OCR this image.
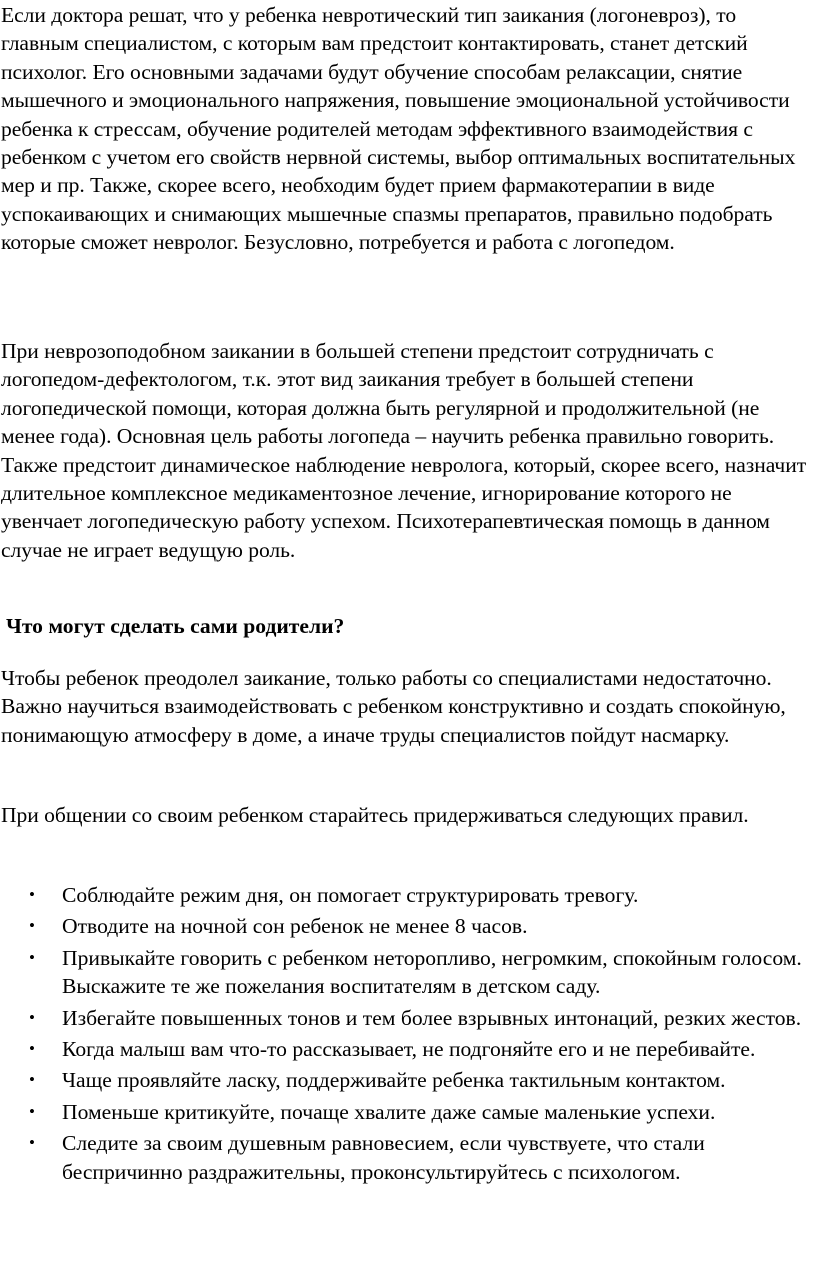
Если доктора решат, что у ребенка невротический тип заикания (логоневроз), то главным специалистом, с которым вам предстоит контактировать, станет детский психолог. Его основными задачами будут обучение способам релаксации, снятие мышечного и эмоционального напряжения, повышение эмоциональной устойчивости ребенка к стрессам, обучение родителей методам эффективного взаимодействия с ребенком с учетом его свойств нервной системы, выбор оптимальных воспитательных мер и пр. Также, скорее всего, необходим будет прием фармакотерапии в виде успокаивающих и снимающих мышечные спазмы препаратов, правильно подобрать которые сможет невролог. Безусловно, потребуется и работа с логопедом.

При неврозоподобном заикании в большей степени предстоит сотрудничать с логопедом-дефектологом, т.к. этот вид заикания требует в большей степени логопедической помощи, которая должна быть регулярной и продолжительной (не менее года). Основная цель работы логопеда – научить ребенка правильно говорить. Также предстоит динамическое наблюдение невролога, который, скорее всего, назначит длительное комплексное медикаментозное лечение, игнорирование которого не увенчает логопедическую работу успехом. Психотерапевтическая помощь в данном случае не играет ведущую роль.

Что могут сделать сами родители?

Чтобы ребенок преодолел заикание, только работы со специалистами недостаточно. Важно научиться взаимодействовать с ребенком конструктивно и создать спокойную, понимающую атмосферу в доме, а иначе труды специалистов пойдут насмарку.

При общении со своим ребенком старайтесь придерживаться следующих правил.

• Соблюдайте режим дня, он помогает структурировать тревогу.
• Отводите на ночной сон ребенок не менее 8 часов.
• Привыкайте говорить с ребенком неторопливо, негромким, спокойным голосом. Выскажите те же пожелания воспитателям в детском саду.
• Избегайте повышенных тонов и тем более взрывных интонаций, резких жестов.
• Когда малыш вам что-то рассказывает, не подгоняйте его и не перебивайте.
• Чаще проявляйте ласку, поддерживайте ребенка тактильным контактом.
• Поменьше критикуйте, почаще хвалите даже самые маленькие успехи.
• Следите за своим душевным равновесием, если чувствуете, что стали беспричинно раздражительны, проконсультируйтесь с психологом.
